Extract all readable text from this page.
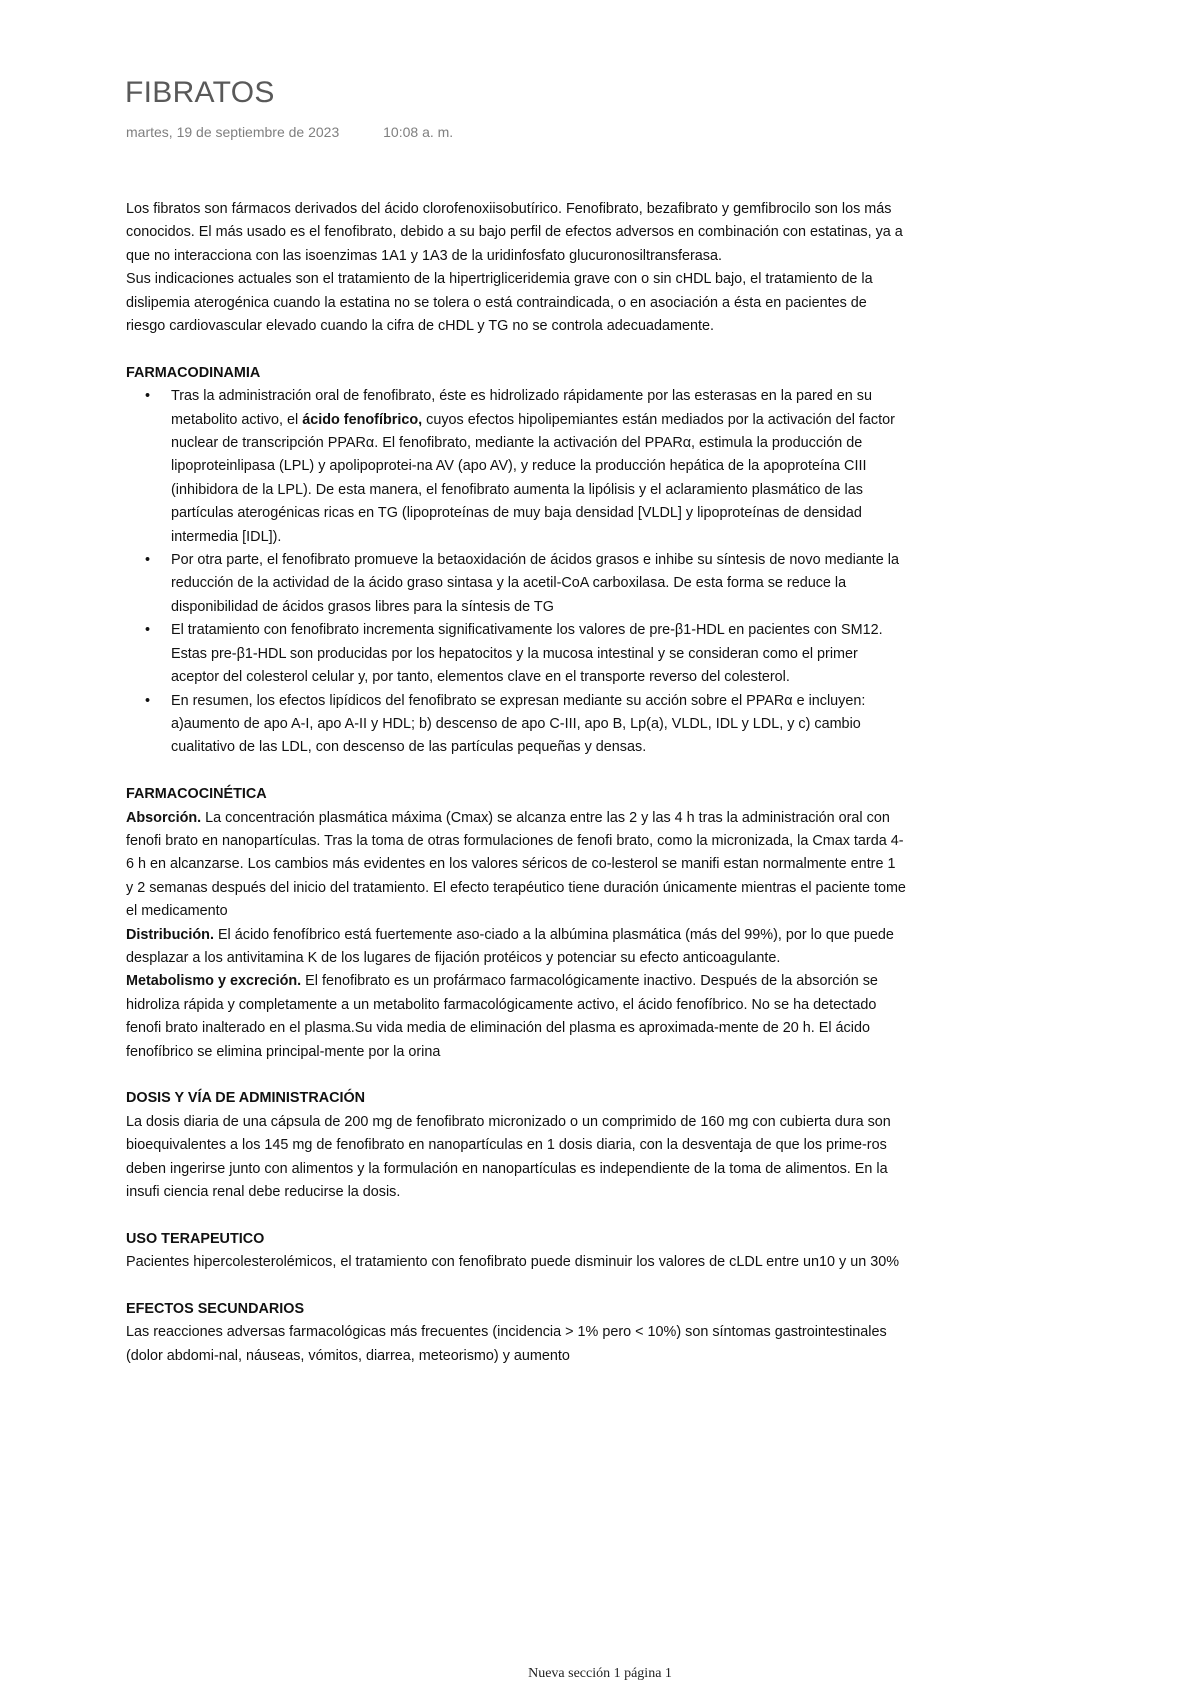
FIBRATOS
martes, 19 de septiembre de 2023	10:08 a. m.

Los fibratos son fármacos derivados del ácido clorofenoxiisobutírico. Fenofibrato, bezafibrato y gemfibrocilo son los más conocidos. El más usado es el fenofibrato, debido a su bajo perfil de efectos adversos en combinación con estatinas, ya a que no interacciona con las isoenzimas 1A1 y 1A3 de la uridinfosfato glucuronosiltransferasa.

Sus indicaciones actuales son el tratamiento de la hipertrigliceridemia grave con o sin cHDL bajo, el tratamiento de la dislipemia aterogénica cuando la estatina no se tolera o está contraindicada, o en asociación a ésta en pacientes de riesgo cardiovascular elevado cuando la cifra de cHDL y TG no se controla adecuadamente.

FARMACODINAMIA

• Tras la administración oral de fenofibrato, éste es hidrolizado rápidamente por las esterasas en la pared en su metabolito activo, el ácido fenofíbrico, cuyos efectos hipolipemiantes están mediados por la activación del factor nuclear de transcripción PPARα. El fenofibrato, mediante la activación del PPARα, estimula la producción de lipoproteinlipasa (LPL) y apolipoprotei-na AV (apo AV), y reduce la producción hepática de la apoproteína CIII (inhibidora de la LPL). De esta manera, el fenofibrato aumenta la lipólisis y el aclaramiento plasmático de las partículas aterogénicas ricas en TG (lipoproteínas de muy baja densidad [VLDL] y lipoproteínas de densidad intermedia [IDL]).
• Por otra parte, el fenofibrato promueve la betaoxidación de ácidos grasos e inhibe su síntesis de novo mediante la reducción de la actividad de la ácido graso sintasa y la acetil-CoA carboxilasa. De esta forma se reduce la disponibilidad de ácidos grasos libres para la síntesis de TG
• El tratamiento con fenofibrato incrementa significativamente los valores de pre-β1-HDL en pacientes con SM12. Estas pre-β1-HDL son producidas por los hepatocitos y la mucosa intestinal y se consideran como el primer aceptor del colesterol celular y, por tanto, elementos clave en el transporte reverso del colesterol.
• En resumen, los efectos lipídicos del fenofibrato se expresan mediante su acción sobre el PPARα e incluyen: a)aumento de apo A-I, apo A-II y HDL; b) descenso de apo C-III, apo B, Lp(a), VLDL, IDL y LDL, y c) cambio cualitativo de las LDL, con descenso de las partículas pequeñas y densas.

FARMACOCINÉTICA

Absorción. La concentración plasmática máxima (Cmax) se alcanza entre las 2 y las 4 h tras la administración oral con fenofi brato en nanopartículas. Tras la toma de otras formulaciones de fenofi brato, como la micronizada, la Cmax tarda 4-6 h en alcanzarse. Los cambios más evidentes en los valores séricos de co-lesterol se manifi estan normalmente entre 1 y 2 semanas después del inicio del tratamiento. El efecto terapéutico tiene duración únicamente mientras el paciente tome el medicamento

Distribución. El ácido fenofíbrico está fuertemente aso-ciado a la albúmina plasmática (más del 99%), por lo que puede desplazar a los antivitamina K de los lugares de fijación protéicos y potenciar su efecto anticoagulante.

Metabolismo y excreción. El fenofibrato es un profármaco farmacológicamente inactivo. Después de la absorción se hidroliza rápida y completamente a un metabolito farmacológicamente activo, el ácido fenofíbrico. No se ha detectado fenofi brato inalterado en el plasma.Su vida media de eliminación del plasma es aproximada-mente de 20 h. El ácido fenofíbrico se elimina principal-mente por la orina

DOSIS Y VÍA DE ADMINISTRACIÓN

La dosis diaria de una cápsula de 200 mg de fenofibrato micronizado o un comprimido de 160 mg con cubierta dura son bioequivalentes a los 145 mg de fenofibrato en nanopartículas en 1 dosis diaria, con la desventaja de que los prime-ros deben ingerirse junto con alimentos y la formulación en nanopartículas es independiente de la toma de alimentos. En la insufi ciencia renal debe reducirse la dosis.

USO TERAPEUTICO

Pacientes hipercolesterolémicos, el tratamiento con fenofibrato puede disminuir los valores de cLDL entre un10 y un 30%

EFECTOS SECUNDARIOS

Las reacciones adversas farmacológicas más frecuentes (incidencia > 1% pero < 10%) son síntomas gastrointestinales (dolor abdomi-nal, náuseas, vómitos, diarrea, meteorismo) y aumento

Nueva sección 1 página 1
